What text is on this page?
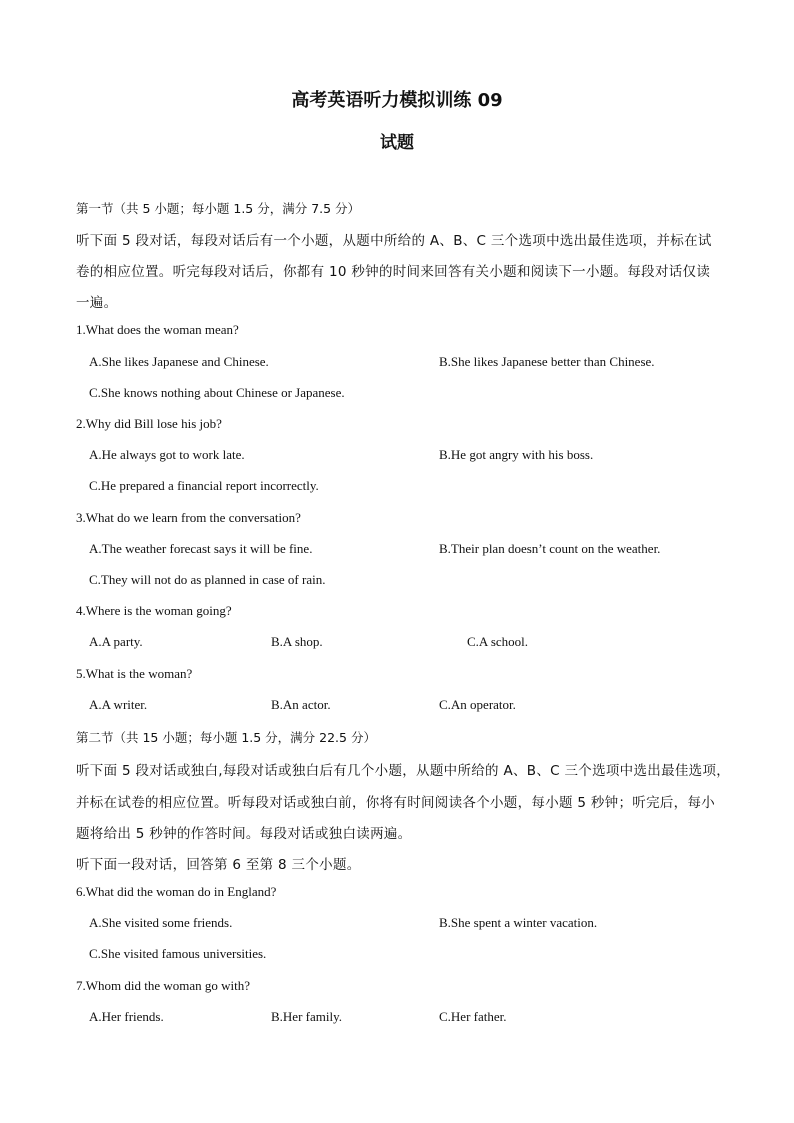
高考英语听力模拟训练 09
试题
第一节（共 5 小题；每小题 1.5 分，满分 7.5 分）
听下面 5 段对话，每段对话后有一个小题，从题中所给的 A、B、C 三个选项中选出最佳选项，并标在试
卷的相应位置。听完每段对话后，你都有 10 秒钟的时间来回答有关小题和阅读下一小题。每段对话仅读
一遍。
1.What does the woman mean?
A.She likes Japanese and Chinese.	B.She likes Japanese better than Chinese.
C.She knows nothing about Chinese or Japanese.
2.Why did Bill lose his job?
A.He always got to work late.	B.He got angry with his boss.
C.He prepared a financial report incorrectly.
3.What do we learn from the conversation?
A.The weather forecast says it will be fine.	B.Their plan doesn’t count on the weather.
C.They will not do as planned in case of rain.
4.Where is the woman going?
A.A party.	B.A shop.	C.A school.
5.What is the woman?
A.A writer.	B.An actor.	C.An operator.
第二节（共 15 小题；每小题 1.5 分，满分 22.5 分）
听下面 5 段对话或独白,每段对话或独白后有几个小题，从题中所给的 A、B、C 三个选项中选出最佳选项，
并标在试卷的相应位置。听每段对话或独白前，你将有时间阅读各个小题，每小题 5 秒钟；听完后，每小
题将给出 5 秒钟的作答时间。每段对话或独白读两遍。
听下面一段对话，回答第 6 至第 8 三个小题。
6.What did the woman do in England?
A.She visited some friends.	B.She spent a winter vacation.
C.She visited famous universities.
7.Whom did the woman go with?
A.Her friends.	B.Her family.	C.Her father.
